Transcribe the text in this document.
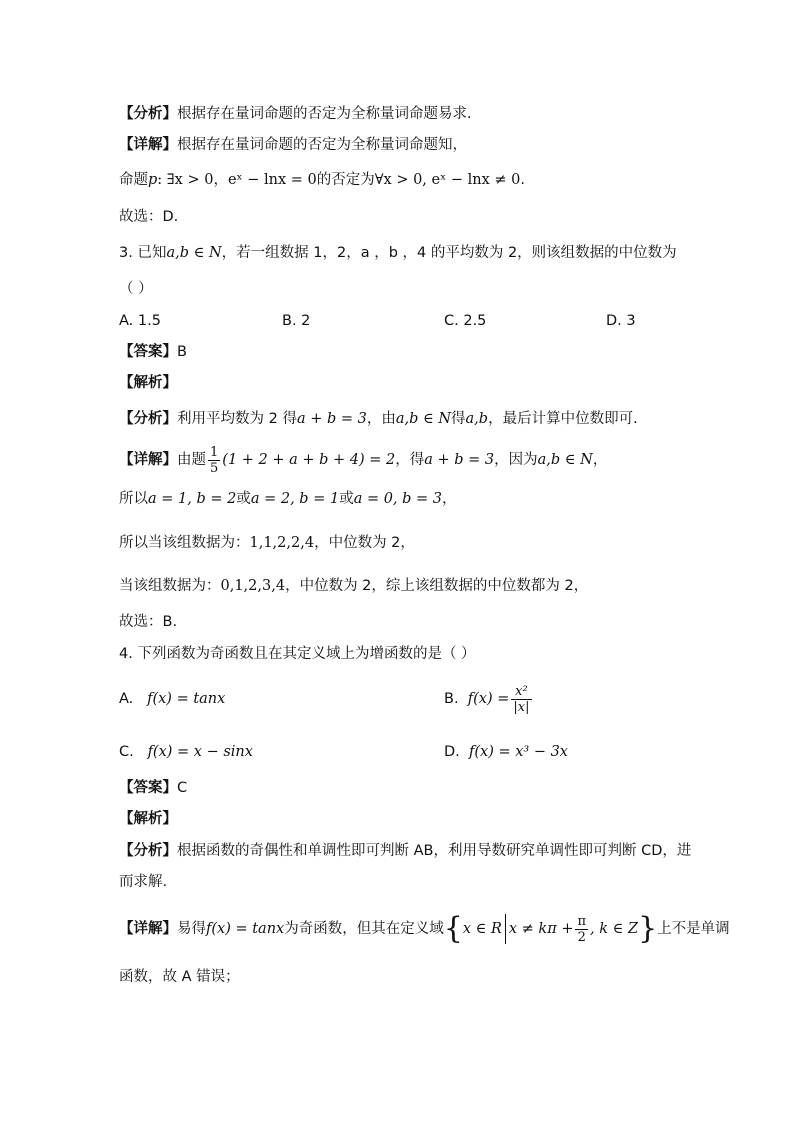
【分析】根据存在量词命题的否定为全称量词命题易求.
【详解】根据存在量词命题的否定为全称量词命题知，
命题p: ∃x > 0，eˣ − lnx = 0的否定为∀x > 0, eˣ − lnx ≠ 0.
故选：D.
3. 已知a,b ∈ N，若一组数据 1，2，a ，b ，4 的平均数为 2，则该组数据的中位数为
（ ）
A. 1.5	B. 2	C. 2.5	D. 3
【答案】B
【解析】
【分析】利用平均数为 2 得a + b = 3，由a,b ∈ N得a,b，最后计算中位数即可.
【详解】由题 $\frac{1}{5} (1 + 2 + a + b + 4) = 2$，得a + b = 3，因为a,b ∈ N，
所以a = 1, b = 2或a = 2, b = 1或a = 0, b = 3，
所以当该组数据为：1,1,2,2,4，中位数为 2，
当该组数据为：0,1,2,3,4，中位数为 2，综上该组数据的中位数都为 2，
故选：B.
4. 下列函数为奇函数且在其定义域上为增函数的是（ ）
A. f(x) = tanx	B. $f(x) = \frac{\text{x²}}{|x|}$
C. f(x) = x − sinx	D. f(x) = x³ − 3x
【答案】C
【解析】
【分析】根据函数的奇偶性和单调性即可判断 AB，利用导数研究单调性即可判断 CD，进
而求解.
【详解】易得f(x) = tanx为奇函数，但其在定义域{x ∈ R $x \ne k\pi + \frac{\pi}{2}$ , k ∈ Z}上不是单调
函数，故 A 错误；
